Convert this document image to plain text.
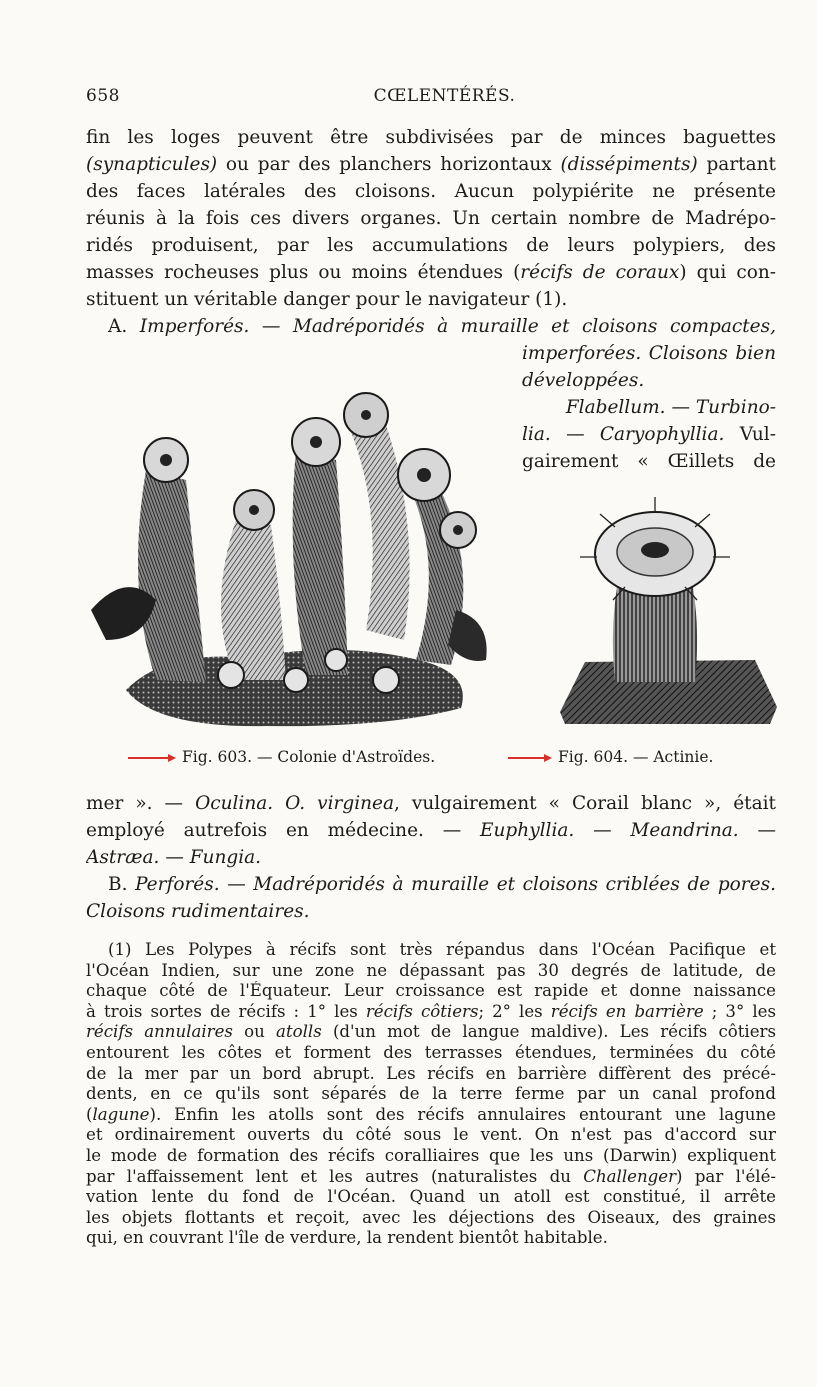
658	CŒLENTÉRÉS.
fin les loges peuvent être subdivisées par de minces baguettes
(synapticules) ou par des planchers horizontaux (dissépiments) partant
des faces latérales des cloisons. Aucun polypiérite ne présente
réunis à la fois ces divers organes. Un certain nombre de Madrépo-
ridés produisent, par les accumulations de leurs polypiers, des
masses rocheuses plus ou moins étendues (récifs de coraux) qui con-
stituent un véritable danger pour le navigateur (1).
A. Imperforés. — Madréporidés à muraille et cloisons compactes,
imperforées. Cloisons bien
développées.
Flabellum. — Turbino-
lia. — Caryophyllia. Vul-
gairement « Œillets de
Fig. 603. — Colonie d'Astroïdes.	Fig. 604. — Actinie.
mer ». — Oculina. O. virginea, vulgairement « Corail blanc », était
employé autrefois en médecine. — Euphyllia. — Meandrina. —
Astræa. — Fungia.
B. Perforés. — Madréporidés à muraille et cloisons criblées de pores.
Cloisons rudimentaires.
(1) Les Polypes à récifs sont très répandus dans l'Océan Pacifique et
l'Océan Indien, sur une zone ne dépassant pas 30 degrés de latitude, de
chaque côté de l'Équateur. Leur croissance est rapide et donne naissance
à trois sortes de récifs : 1° les récifs côtiers; 2° les récifs en barrière ; 3° les
récifs annulaires ou atolls (d'un mot de langue maldive). Les récifs côtiers
entourent les côtes et forment des terrasses étendues, terminées du côté
de la mer par un bord abrupt. Les récifs en barrière diffèrent des précé-
dents, en ce qu'ils sont séparés de la terre ferme par un canal profond
(lagune). Enfin les atolls sont des récifs annulaires entourant une lagune
et ordinairement ouverts du côté sous le vent. On n'est pas d'accord sur
le mode de formation des récifs coralliaires que les uns (Darwin) expliquent
par l'affaissement lent et les autres (naturalistes du Challenger) par l'élé-
vation lente du fond de l'Océan. Quand un atoll est constitué, il arrête
les objets flottants et reçoit, avec les déjections des Oiseaux, des graines
qui, en couvrant l'île de verdure, la rendent bientôt habitable.
